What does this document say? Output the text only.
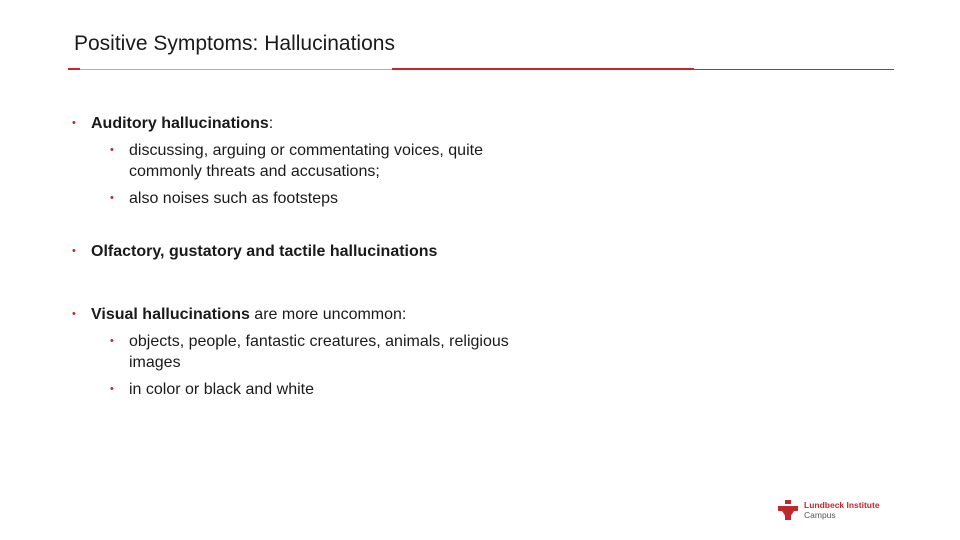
Positive Symptoms: Hallucinations
• Auditory hallucinations:
• discussing, arguing or commentating voices, quite commonly threats and accusations;
• also noises such as footsteps
• Olfactory, gustatory and tactile hallucinations
• Visual hallucinations are more uncommon:
• objects, people, fantastic creatures, animals, religious images
• in color or black and white
Lundbeck Institute
Campus
